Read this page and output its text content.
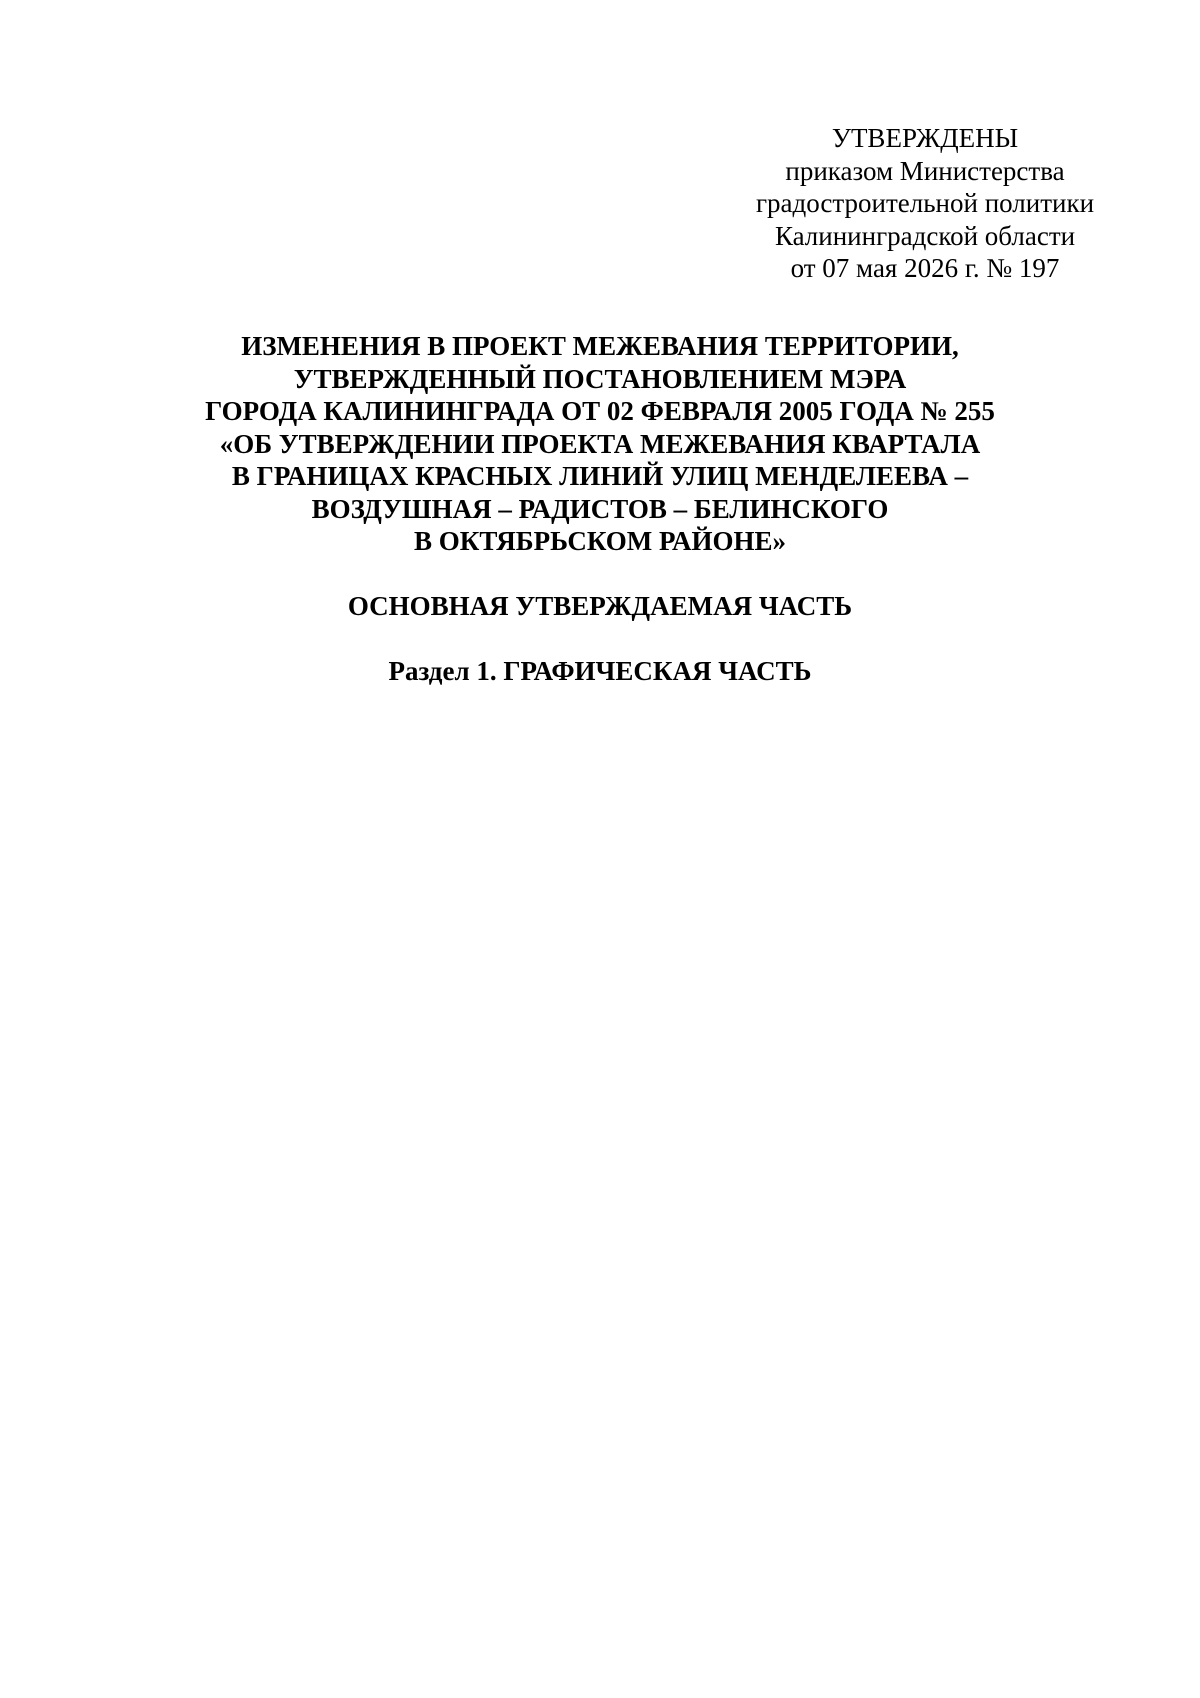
УТВЕРЖДЕНЫ
приказом Министерства
градостроительной политики
Калининградской области
от 07 мая 2026 г. № 197
ИЗМЕНЕНИЯ В ПРОЕКТ МЕЖЕВАНИЯ ТЕРРИТОРИИ,
УТВЕРЖДЕННЫЙ ПОСТАНОВЛЕНИЕМ МЭРА
ГОРОДА КАЛИНИНГРАДА ОТ 02 ФЕВРАЛЯ 2005 ГОДА № 255
«ОБ УТВЕРЖДЕНИИ ПРОЕКТА МЕЖЕВАНИЯ КВАРТАЛА
В ГРАНИЦАХ КРАСНЫХ ЛИНИЙ УЛИЦ МЕНДЕЛЕЕВА –
ВОЗДУШНАЯ – РАДИСТОВ – БЕЛИНСКОГО
В ОКТЯБРЬСКОМ РАЙОНЕ»
ОСНОВНАЯ УТВЕРЖДАЕМАЯ ЧАСТЬ
Раздел 1. ГРАФИЧЕСКАЯ ЧАСТЬ
